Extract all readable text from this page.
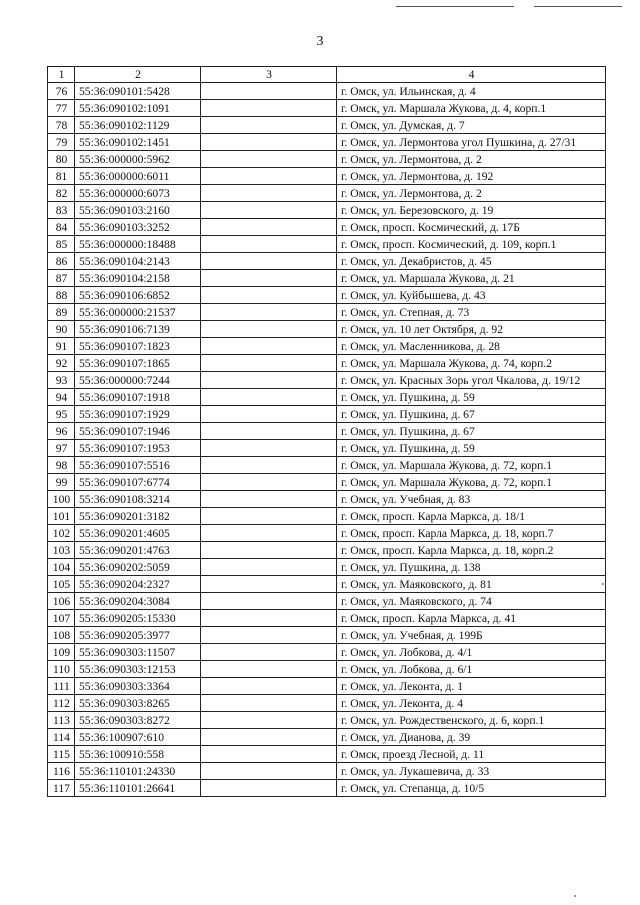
3
1	2	3	4
76	55:36:090101:5428		г. Омск, ул. Ильинская, д. 4
77	55:36:090102:1091		г. Омск, ул. Маршала Жукова, д. 4, корп.1
78	55:36:090102:1129		г. Омск, ул. Думская, д. 7
79	55:36:090102:1451		г. Омск, ул. Лермонтова угол Пушкина, д. 27/31
80	55:36:000000:5962		г. Омск, ул. Лермонтова, д. 2
81	55:36:000000:6011		г. Омск, ул. Лермонтова, д. 192
82	55:36:000000:6073		г. Омск, ул. Лермонтова, д. 2
83	55:36:090103:2160		г. Омск, ул. Березовского, д. 19
84	55:36:090103:3252		г. Омск, просп. Космический, д. 17Б
85	55:36:000000:18488		г. Омск, просп. Космический, д. 109, корп.1
86	55:36:090104:2143		г. Омск, ул. Декабристов, д. 45
87	55:36:090104:2158		г. Омск, ул. Маршала Жукова, д. 21
88	55:36:090106:6852		г. Омск, ул. Куйбышева, д. 43
89	55:36:000000:21537		г. Омск, ул. Степная, д. 73
90	55:36:090106:7139		г. Омск, ул. 10 лет Октября, д. 92
91	55:36:090107:1823		г. Омск, ул. Масленникова, д. 28
92	55:36:090107:1865		г. Омск, ул. Маршала Жукова, д. 74, корп.2
93	55:36:000000:7244		г. Омск, ул. Красных Зорь угол Чкалова, д. 19/12
94	55:36:090107:1918		г. Омск, ул. Пушкина, д. 59
95	55:36:090107:1929		г. Омск, ул. Пушкина, д. 67
96	55:36:090107:1946		г. Омск, ул. Пушкина, д. 67
97	55:36:090107:1953		г. Омск, ул. Пушкина, д. 59
98	55:36:090107:5516		г. Омск, ул. Маршала Жукова, д. 72, корп.1
99	55:36:090107:6774		г. Омск, ул. Маршала Жукова, д. 72, корп.1
100	55:36:090108:3214		г. Омск, ул. Учебная, д. 83
101	55:36:090201:3182		г. Омск, просп. Карла Маркса, д. 18/1
102	55:36:090201:4605		г. Омск, просп. Карла Маркса, д. 18, корп.7
103	55:36:090201:4763		г. Омск, просп. Карла Маркса, д. 18, корп.2
104	55:36:090202:5059		г. Омск, ул. Пушкина, д. 138
105	55:36:090204:2327		г. Омск, ул. Маяковского, д. 81
106	55:36:090204:3084		г. Омск, ул. Маяковского, д. 74
107	55:36:090205:15330		г. Омск, просп. Карла Маркса, д. 41
108	55:36:090205:3977		г. Омск, ул. Учебная, д. 199Б
109	55:36:090303:11507		г. Омск, ул. Лобкова, д. 4/1
110	55:36:090303:12153		г. Омск, ул. Лобкова, д. 6/1
111	55:36:090303:3364		г. Омск, ул. Леконта, д. 1
112	55:36:090303:8265		г. Омск, ул. Леконта, д. 4
113	55:36:090303:8272		г. Омск, ул. Рождественского, д. 6, корп.1
114	55:36:100907:610		г. Омск, ул. Дианова, д. 39
115	55:36:100910:558		г. Омск, проезд Лесной, д. 11
116	55:36:110101:24330		г. Омск, ул. Лукашевича, д. 33
117	55:36:110101:26641		г. Омск, ул. Степанца, д. 10/5
